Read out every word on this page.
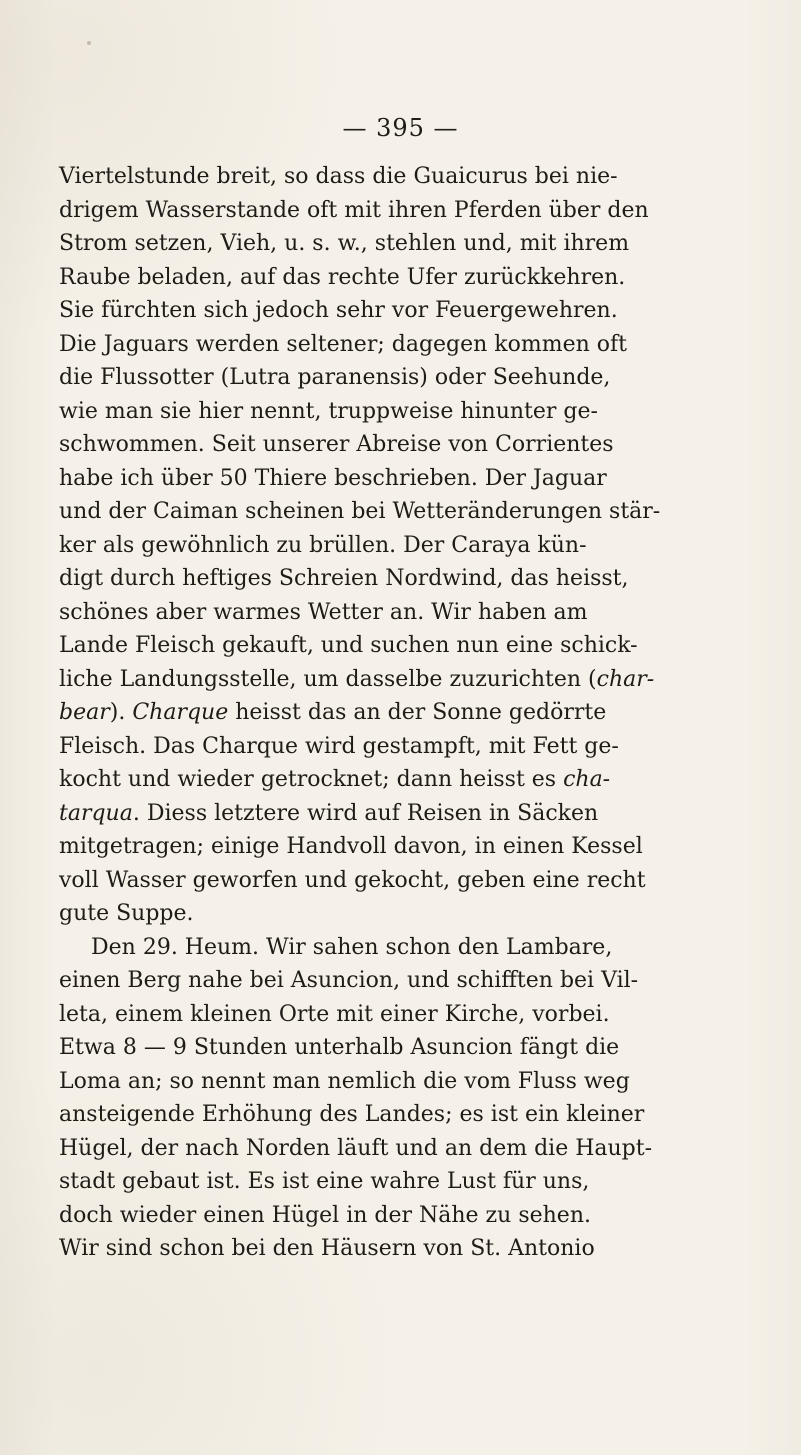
— 395 —
Viertelstunde breit, so dass die Guaicurus bei nie-
drigem Wasserstande oft mit ihren Pferden über den
Strom setzen, Vieh, u. s. w., stehlen und, mit ihrem
Raube beladen, auf das rechte Ufer zurückkehren.
Sie fürchten sich jedoch sehr vor Feuergewehren.
Die Jaguars werden seltener; dagegen kommen oft
die Flussotter (Lutra paranensis) oder Seehunde,
wie man sie hier nennt, truppweise hinunter ge-
schwommen. Seit unserer Abreise von Corrientes
habe ich über 50 Thiere beschrieben. Der Jaguar
und der Caiman scheinen bei Wetteränderungen stär-
ker als gewöhnlich zu brüllen. Der Caraya kün-
digt durch heftiges Schreien Nordwind, das heisst,
schönes aber warmes Wetter an. Wir haben am
Lande Fleisch gekauft, und suchen nun eine schick-
liche Landungsstelle, um dasselbe zuzurichten (char-
bear). Charque heisst das an der Sonne gedörrte
Fleisch. Das Charque wird gestampft, mit Fett ge-
kocht und wieder getrocknet; dann heisst es cha-
tarqua. Diess letztere wird auf Reisen in Säcken
mitgetragen; einige Handvoll davon, in einen Kessel
voll Wasser geworfen und gekocht, geben eine recht
gute Suppe.
Den 29. Heum. Wir sahen schon den Lambare,
einen Berg nahe bei Asuncion, und schifften bei Vil-
leta, einem kleinen Orte mit einer Kirche, vorbei.
Etwa 8 — 9 Stunden unterhalb Asuncion fängt die
Loma an; so nennt man nemlich die vom Fluss weg
ansteigende Erhöhung des Landes; es ist ein kleiner
Hügel, der nach Norden läuft und an dem die Haupt-
stadt gebaut ist. Es ist eine wahre Lust für uns,
doch wieder einen Hügel in der Nähe zu sehen.
Wir sind schon bei den Häusern von St. Antonio
